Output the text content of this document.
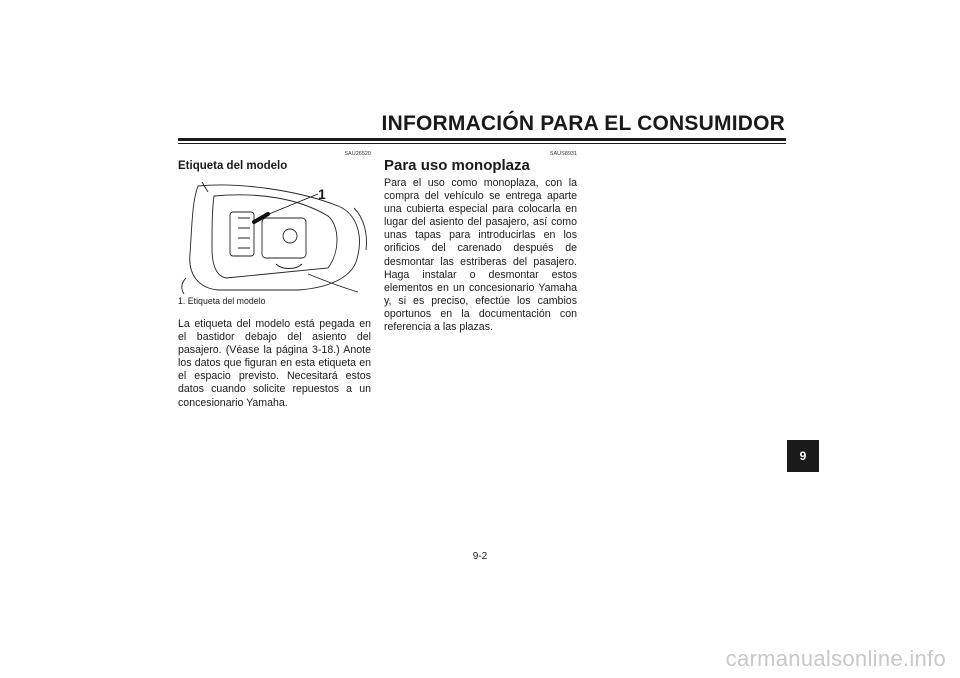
INFORMACIÓN PARA EL CONSUMIDOR
SAU26520
Etiqueta del modelo
1
1. Etiqueta del modelo

La etiqueta del modelo está pegada en el bastidor debajo del asiento del pasajero. (Véase la página 3-18.) Anote los datos que figuran en esta etiqueta en el espacio previsto. Necesitará estos datos cuando solicite repuestos a un concesionario Yamaha.

SAUS8931
Para uso monoplaza

Para el uso como monoplaza, con la compra del vehículo se entrega aparte una cubierta especial para colocarla en lugar del asiento del pasajero, así como unas tapas para introducirlas en los orificios del carenado después de desmontar las estriberas del pasajero. Haga instalar o desmontar estos elementos en un concesionario Yamaha y, si es preciso, efectúe los cambios oportunos en la documentación con referencia a las plazas.

9
9-2
carmanualsonline.info
